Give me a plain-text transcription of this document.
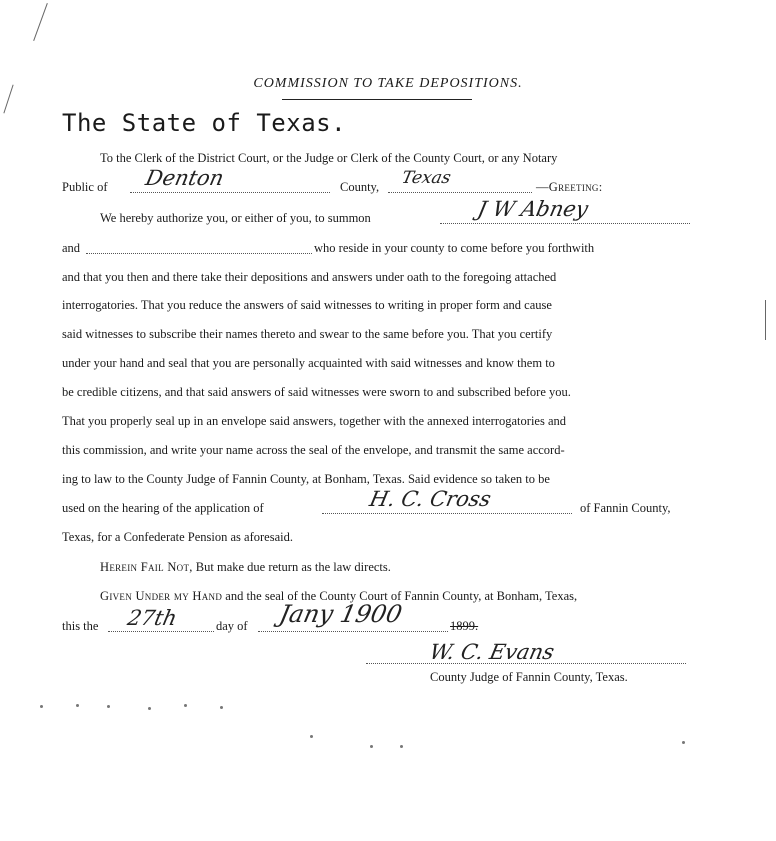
COMMISSION TO TAKE DEPOSITIONS.
The State of Texas.
To the Clerk of the District Court, or the Judge or Clerk of the County Court, or any Notary
Public of Denton	County, Texas	—Greeting:
We hereby authorize you, or either of you, to summon	J W Abney
and	who reside in your county to come before you forthwith
and that you then and there take their depositions and answers under oath to the foregoing attached
interrogatories. That you reduce the answers of said witnesses to writing in proper form and cause
said witnesses to subscribe their names thereto and swear to the same before you. That you certify
under your hand and seal that you are personally acquainted with said witnesses and know them to
be credible citizens, and that said answers of said witnesses were sworn to and subscribed before you.
That you properly seal up in an envelope said answers, together with the annexed interrogatories and
this commission, and write your name across the seal of the envelope, and transmit the same accord-
ing to law to the County Judge of Fannin County, at Bonham, Texas. Said evidence so taken to be
used on the hearing of the application of	H. C. Cross	of Fannin County,
Texas, for a Confederate Pension as aforesaid.
Herein Fail Not, But make due return as the law directs.
Given Under my Hand and the seal of the County Court of Fannin County, at Bonham, Texas,
this the 27th	day of Jany 1900	1899.
W. C. Evans
County Judge of Fannin County, Texas.
